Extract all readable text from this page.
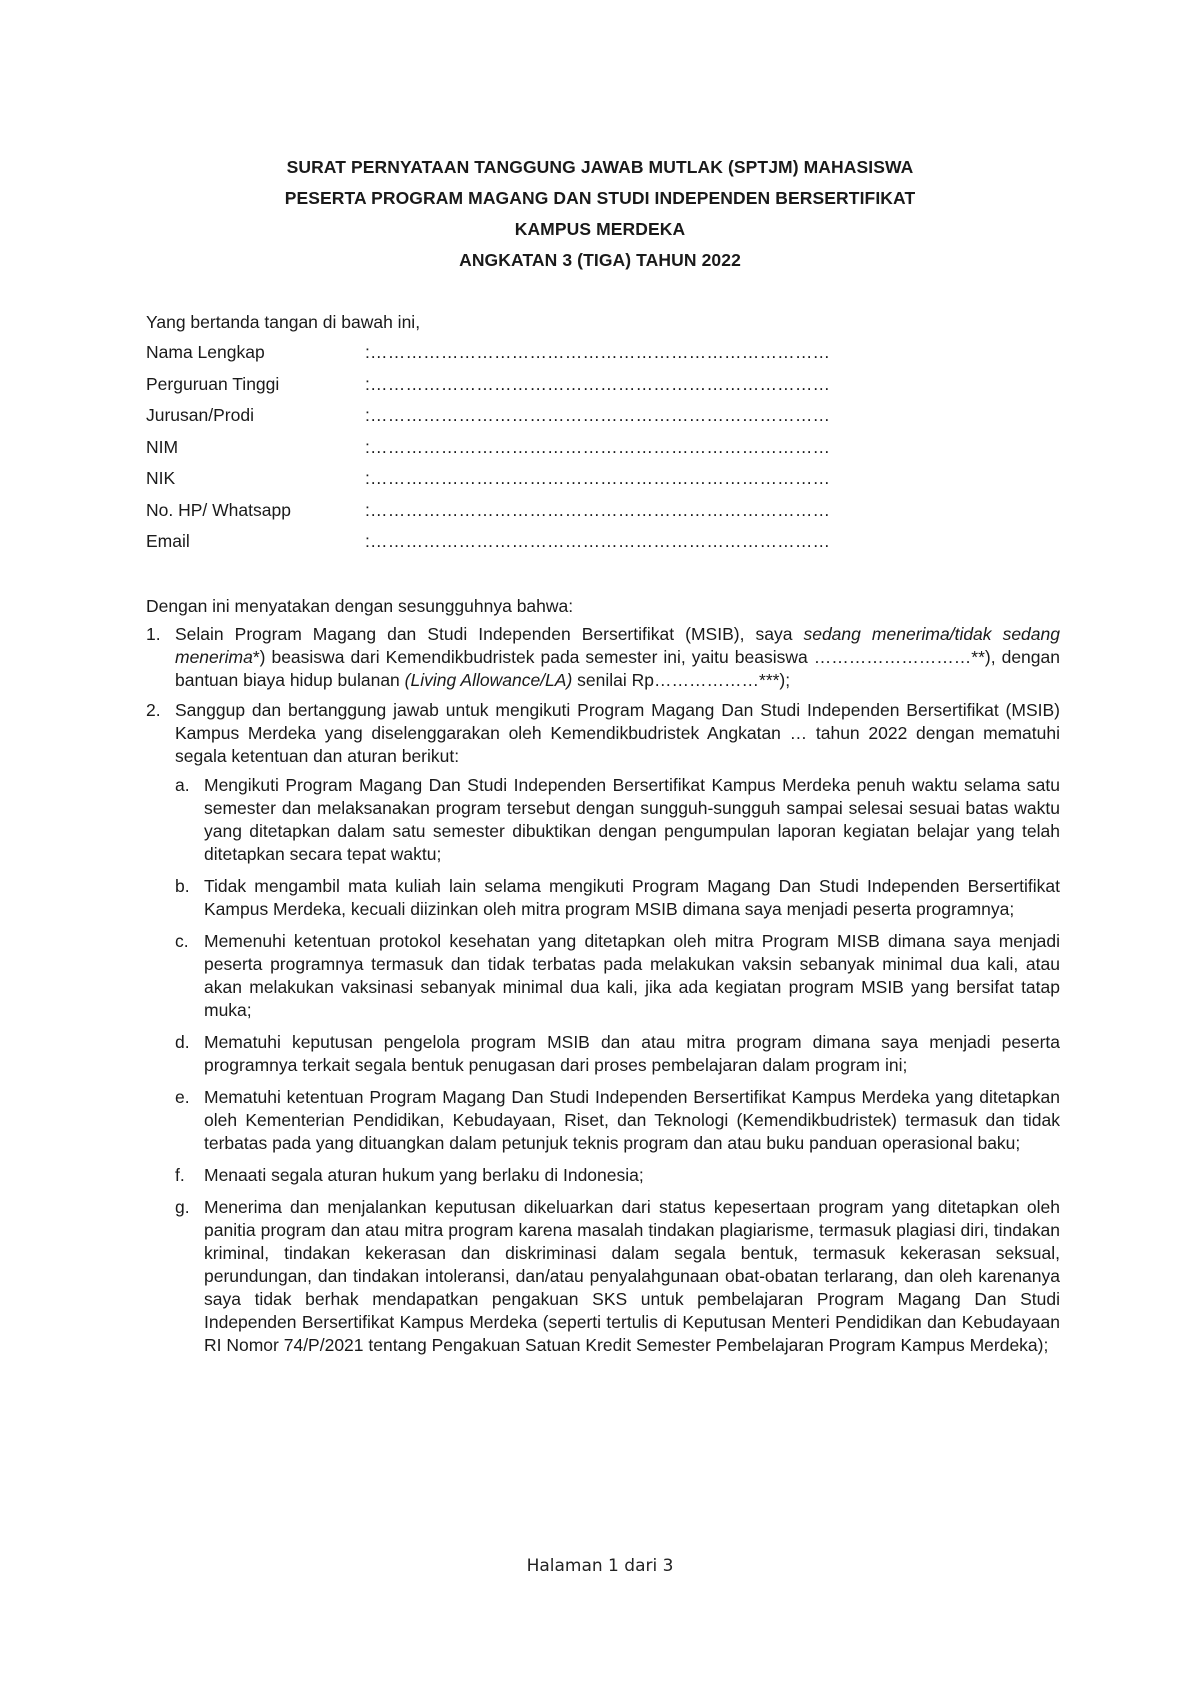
SURAT PERNYATAAN TANGGUNG JAWAB MUTLAK (SPTJM) MAHASISWA
PESERTA PROGRAM MAGANG DAN STUDI INDEPENDEN BERSERTIFIKAT
KAMPUS MERDEKA
ANGKATAN 3 (TIGA) TAHUN 2022
Yang bertanda tangan di bawah ini,
Nama Lengkap	:……………………………………………………………………
Perguruan Tinggi	:……………………………………………………………………
Jurusan/Prodi	:……………………………………………………………………
NIM	:……………………………………………………………………
NIK	:……………………………………………………………………
No. HP/ Whatsapp	:……………………………………………………………………
Email	:……………………………………………………………………
Dengan ini menyatakan dengan sesungguhnya bahwa:
1. Selain Program Magang dan Studi Independen Bersertifikat (MSIB), saya sedang menerima/tidak sedang menerima*) beasiswa dari Kemendikbudristek pada semester ini, yaitu beasiswa ………………………**), dengan bantuan biaya hidup bulanan (Living Allowance/LA) senilai Rp………………***);
2. Sanggup dan bertanggung jawab untuk mengikuti Program Magang Dan Studi Independen Bersertifikat (MSIB) Kampus Merdeka yang diselenggarakan oleh Kemendikbudristek Angkatan … tahun 2022 dengan mematuhi segala ketentuan dan aturan berikut:
a. Mengikuti Program Magang Dan Studi Independen Bersertifikat Kampus Merdeka penuh waktu selama satu semester dan melaksanakan program tersebut dengan sungguh-sungguh sampai selesai sesuai batas waktu yang ditetapkan dalam satu semester dibuktikan dengan pengumpulan laporan kegiatan belajar yang telah ditetapkan secara tepat waktu;
b. Tidak mengambil mata kuliah lain selama mengikuti Program Magang Dan Studi Independen Bersertifikat Kampus Merdeka, kecuali diizinkan oleh mitra program MSIB dimana saya menjadi peserta programnya;
c. Memenuhi ketentuan protokol kesehatan yang ditetapkan oleh mitra Program MISB dimana saya menjadi peserta programnya termasuk dan tidak terbatas pada melakukan vaksin sebanyak minimal dua kali, atau akan melakukan vaksinasi sebanyak minimal dua kali, jika ada kegiatan program MSIB yang bersifat tatap muka;
d. Mematuhi keputusan pengelola program MSIB dan atau mitra program dimana saya menjadi peserta programnya terkait segala bentuk penugasan dari proses pembelajaran dalam program ini;
e. Mematuhi ketentuan Program Magang Dan Studi Independen Bersertifikat Kampus Merdeka yang ditetapkan oleh Kementerian Pendidikan, Kebudayaan, Riset, dan Teknologi (Kemendikbudristek) termasuk dan tidak terbatas pada yang dituangkan dalam petunjuk teknis program dan atau buku panduan operasional baku;
f. Menaati segala aturan hukum yang berlaku di Indonesia;
g. Menerima dan menjalankan keputusan dikeluarkan dari status kepesertaan program yang ditetapkan oleh panitia program dan atau mitra program karena masalah tindakan plagiarisme, termasuk plagiasi diri, tindakan kriminal, tindakan kekerasan dan diskriminasi dalam segala bentuk, termasuk kekerasan seksual, perundungan, dan tindakan intoleransi, dan/atau penyalahgunaan obat-obatan terlarang, dan oleh karenanya saya tidak berhak mendapatkan pengakuan SKS untuk pembelajaran Program Magang Dan Studi Independen Bersertifikat Kampus Merdeka (seperti tertulis di Keputusan Menteri Pendidikan dan Kebudayaan RI Nomor 74/P/2021 tentang Pengakuan Satuan Kredit Semester Pembelajaran Program Kampus Merdeka);
Halaman 1 dari 3
